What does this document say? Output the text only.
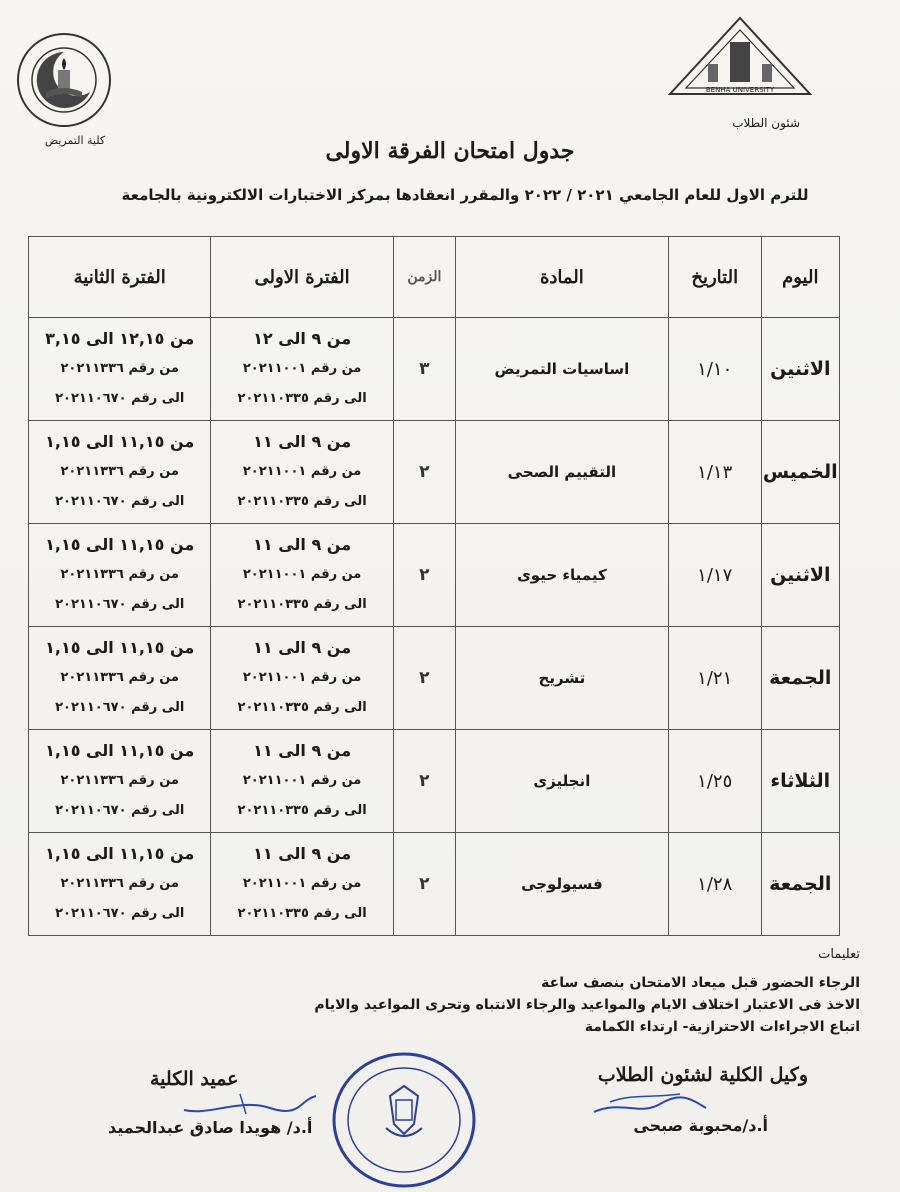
كلية التمريض
BENHA UNIVERSITY
شئون الطلاب
جدول امتحان الفرقة الاولى
للترم الاول للعام الجامعي ٢٠٢١ / ٢٠٢٢ والمقرر انعقادها بمركز الاختبارات الالكترونية بالجامعة
اليوم	التاريخ	المادة	الزمن	الفترة الاولى	الفترة الثانية
الاثنين	١/١٠	اساسيات التمريض	٣	من ٩ الى ١٢
من رقم ٢٠٢١١٠٠١
الى رقم ٢٠٢١١٠٣٣٥	من ١٢,١٥ الى ٣,١٥
من رقم ٢٠٢١١٣٣٦
الى رقم ٢٠٢١١٠٦٧٠

الخميس	١/١٣	التقييم الصحى	٢	من ٩ الى ١١
من رقم ٢٠٢١١٠٠١
الى رقم ٢٠٢١١٠٣٣٥	من ١١,١٥ الى ١,١٥
من رقم ٢٠٢١١٣٣٦
الى رقم ٢٠٢١١٠٦٧٠

الاثنين	١/١٧	كيمياء حيوى	٢	من ٩ الى ١١
من رقم ٢٠٢١١٠٠١
الى رقم ٢٠٢١١٠٣٣٥	من ١١,١٥ الى ١,١٥
من رقم ٢٠٢١١٣٣٦
الى رقم ٢٠٢١١٠٦٧٠

الجمعة	١/٢١	تشريح	٢	من ٩ الى ١١
من رقم ٢٠٢١١٠٠١
الى رقم ٢٠٢١١٠٣٣٥	من ١١,١٥ الى ١,١٥
من رقم ٢٠٢١١٣٣٦
الى رقم ٢٠٢١١٠٦٧٠

الثلاثاء	١/٢٥	انجليزى	٢	من ٩ الى ١١
من رقم ٢٠٢١١٠٠١
الى رقم ٢٠٢١١٠٣٣٥	من ١١,١٥ الى ١,١٥
من رقم ٢٠٢١١٣٣٦
الى رقم ٢٠٢١١٠٦٧٠

الجمعة	١/٢٨	فسيولوجى	٢	من ٩ الى ١١
من رقم ٢٠٢١١٠٠١
الى رقم ٢٠٢١١٠٣٣٥	من ١١,١٥ الى ١,١٥
من رقم ٢٠٢١١٣٣٦
الى رقم ٢٠٢١١٠٦٧٠
تعليمات
الرجاء الحضور قبل ميعاد الامتحان بنصف ساعة
الاخذ فى الاعتبار اختلاف الايام والمواعيد والرجاء الانتباه وتحرى المواعيد والايام
اتباع الاجراءات الاحترازية- ارتداء الكمامة
وكيل الكلية لشئون الطلاب
أ.د/محبوبة صبحى
عميد الكلية
أ.د/ هويدا صادق عبدالحميد
